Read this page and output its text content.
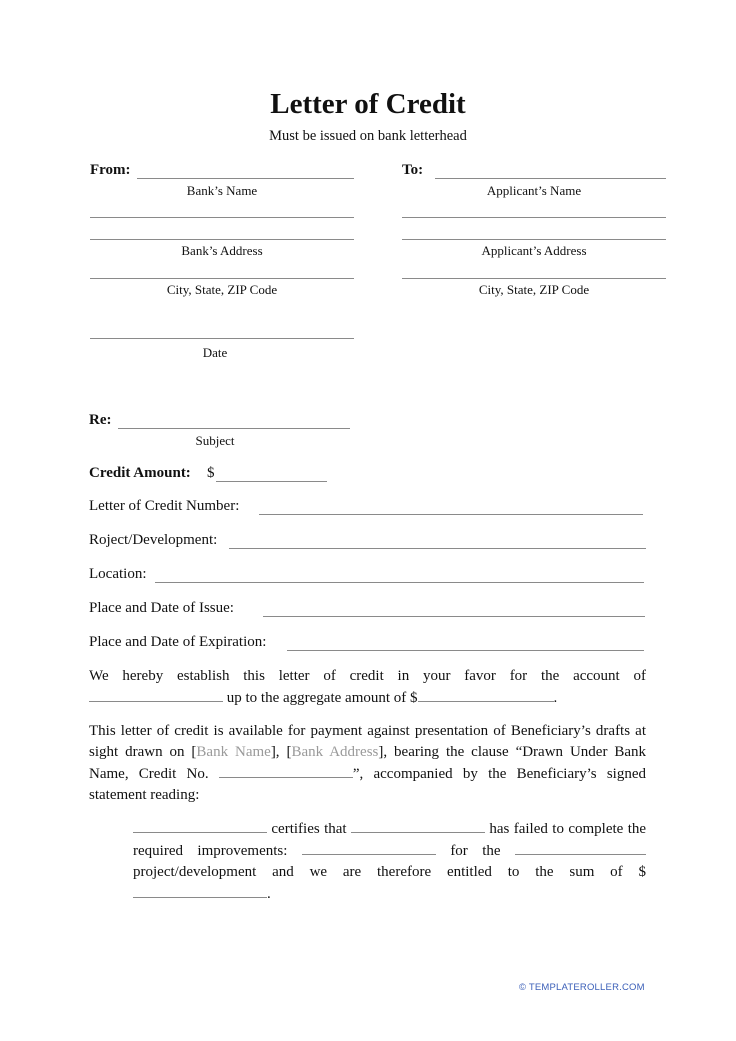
Letter of Credit
Must be issued on bank letterhead
From:
Bank’s Name
Bank’s Address
City, State, ZIP Code
Date
To:
Applicant’s Name
Applicant’s Address
City, State, ZIP Code
Re:
Subject
Credit Amount: $
Letter of Credit Number:
Roject/Development:
Location:
Place and Date of Issue:
Place and Date of Expiration:
We hereby establish this letter of credit in your favor for the account of  up to the aggregate amount of $	.
This letter of credit is available for payment against presentation of Beneficiary’s drafts at sight drawn on [Bank Name], [Bank Address], bearing the clause “Drawn Under Bank Name, Credit No.	”, accompanied by the Beneficiary’s signed statement reading:
certifies that	has failed to complete the required improvements:	for the  project/development and we are therefore entitled to the sum of $.
© TEMPLATEROLLER.COM
